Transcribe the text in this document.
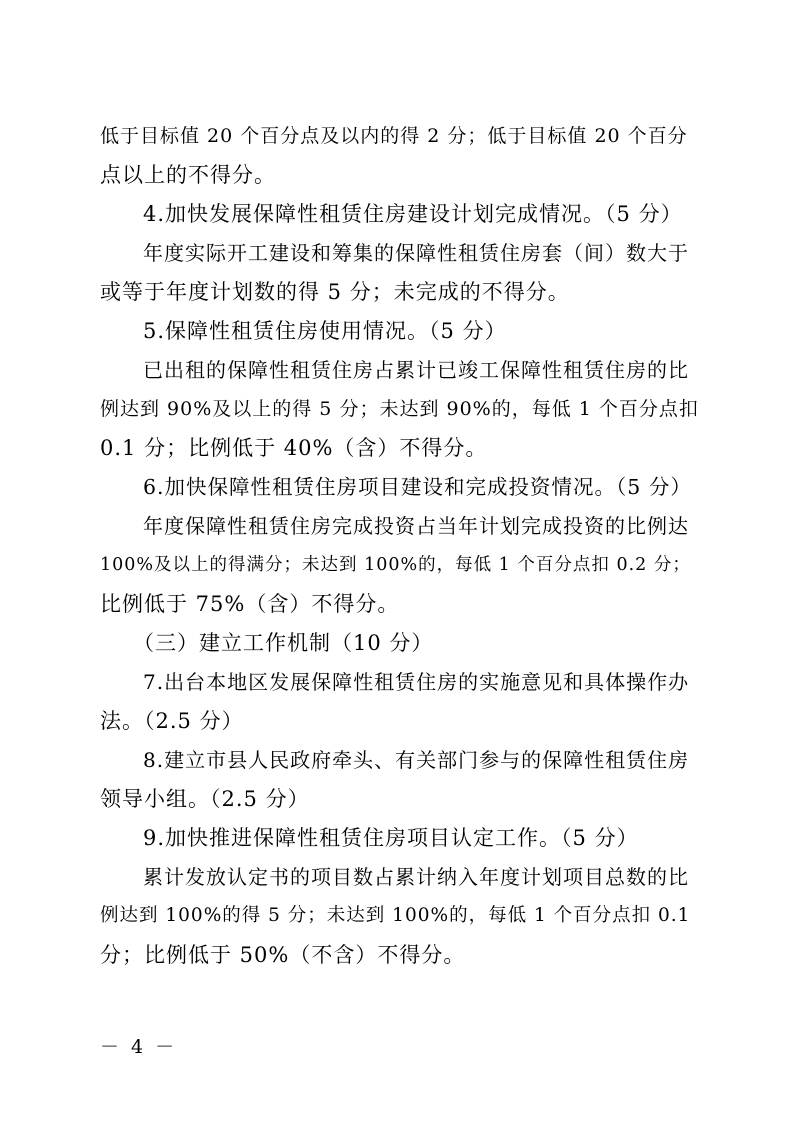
低于目标值 20 个百分点及以内的得 2 分；低于目标值 20 个百分
点以上的不得分。
4.加快发展保障性租赁住房建设计划完成情况。（5 分）
年度实际开工建设和筹集的保障性租赁住房套（间）数大于
或等于年度计划数的得 5 分；未完成的不得分。
5.保障性租赁住房使用情况。（5 分）
已出租的保障性租赁住房占累计已竣工保障性租赁住房的比
例达到 90%及以上的得 5 分；未达到 90%的，每低 1 个百分点扣
0.1 分；比例低于 40%（含）不得分。
6.加快保障性租赁住房项目建设和完成投资情况。（5 分）
年度保障性租赁住房完成投资占当年计划完成投资的比例达
100%及以上的得满分；未达到 100%的，每低 1 个百分点扣 0.2 分；
比例低于 75%（含）不得分。
（三）建立工作机制（10 分）
7.出台本地区发展保障性租赁住房的实施意见和具体操作办
法。（2.5 分）
8.建立市县人民政府牵头、有关部门参与的保障性租赁住房
领导小组。（2.5 分）
9.加快推进保障性租赁住房项目认定工作。（5 分）
累计发放认定书的项目数占累计纳入年度计划项目总数的比
例达到 100%的得 5 分；未达到 100%的，每低 1 个百分点扣 0.1
分；比例低于 50%（不含）不得分。
－ 4 －
